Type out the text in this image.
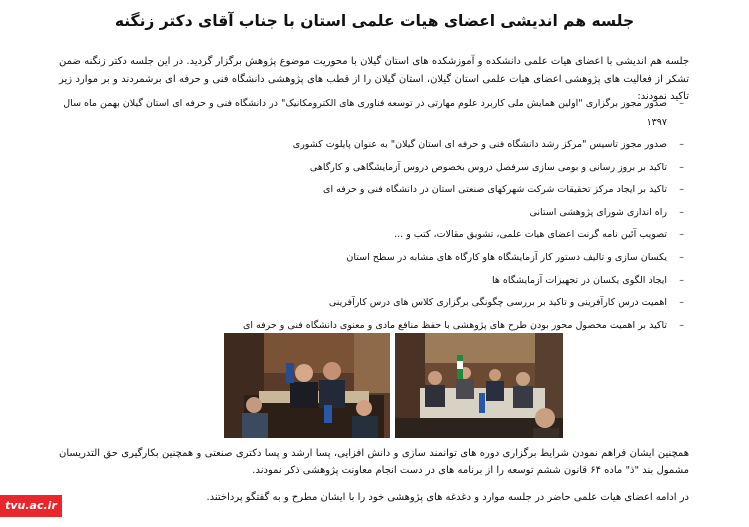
جلسه هم اندیشی اعضای هیات علمی استان با جناب آقای دکتر زنگنه
جلسه هم اندیشی با اعضای هیات علمی دانشکده و آموزشکده های استان گیلان با محوریت موضوع پژوهش برگزار گردید. در این جلسه دکتر زنگنه ضمن تشکر از فعالیت های پژوهشی اعضای هیات علمی استان گیلان، استان گیلان را از قطب های پژوهشی دانشگاه فنی و حرفه ای برشمردند و بر موارد زیر تاکید نمودند:
– صدور مجوز برگزاری "اولین همایش ملی کاربرد علوم مهارتی در توسعه فناوری های الکترومکانیک" در دانشگاه فنی و حرفه ای استان گیلان بهمن ماه سال ۱۳۹۷
– صدور مجوز تاسیس "مرکز رشد دانشگاه فنی و حرفه ای استان گیلان" به عنوان پایلوت کشوری
– تاکید بر بروز رسانی و بومی سازی سرفصل دروس بخصوص دروس آزمایشگاهی و کارگاهی
– تاکید بر ایجاد مرکز تحقیقات شرکت شهرکهای صنعتی استان در دانشگاه فنی و حرفه ای
– راه اندازی شورای پژوهشی استانی
– تصویب آئین نامه گرنت اعضای هیات علمی، تشویق مقالات، کتب و ...
– یکسان سازی و تالیف دستور کار آزمایشگاه هاو کارگاه های مشابه در سطح استان
– ایجاد الگوی یکسان در تجهیزات آزمایشگاه ها
– اهمیت درس کارآفرینی و تاکید بر بررسی چگونگی برگزاری کلاس های درس کارآفرینی
– تاکید بر اهمیت محصول محور بودن طرح های پژوهشی با حفظ منافع مادی و معنوی دانشگاه فنی و حرفه ای
همچنین ایشان فراهم نمودن شرایط برگزاری دوره های توانمند سازی و دانش افزایی، پسا ارشد و پسا دکتری صنعتی و همچنین بکارگیری حق التدریسان مشمول بند "ذ" ماده ۶۴ قانون ششم توسعه را از برنامه های در دست انجام معاونت پژوهشی ذکر نمودند.
در ادامه اعضای هیات علمی حاضر در جلسه موارد و دغدغه های پژوهشی خود را با ایشان مطرح و به گفتگو پرداختند.
tvu.ac.ir
